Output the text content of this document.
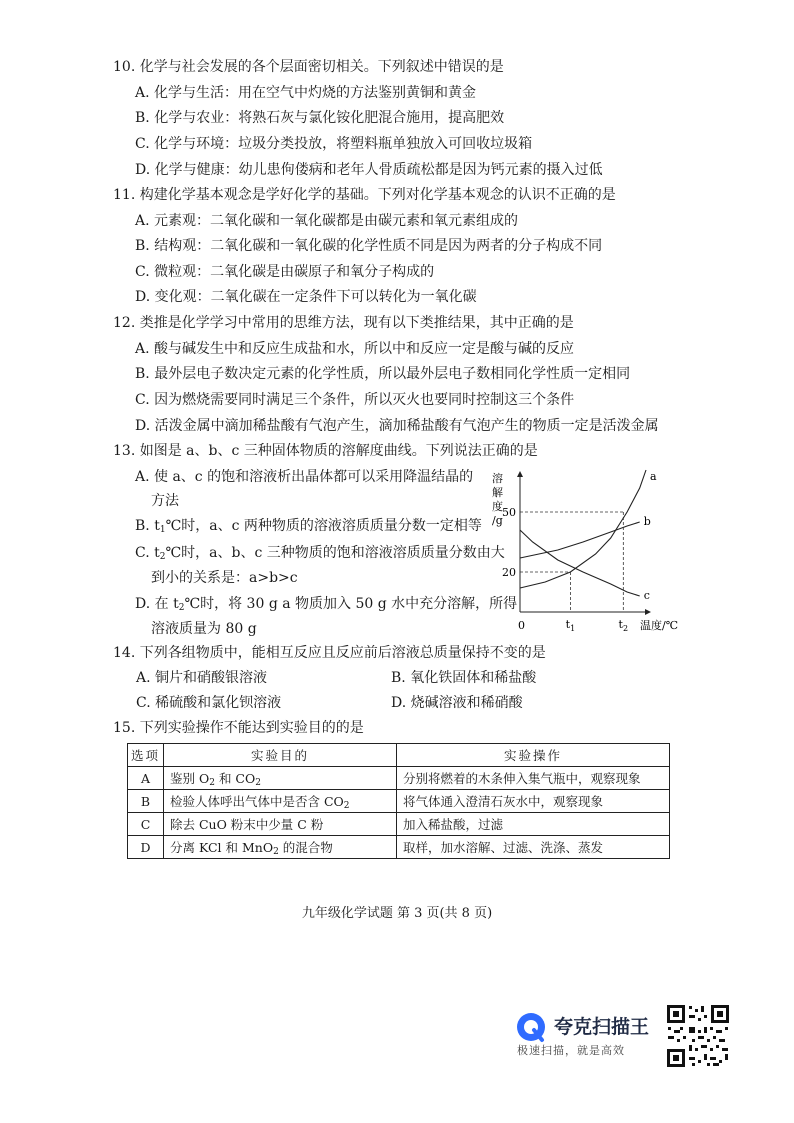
10. 化学与社会发展的各个层面密切相关。下列叙述中错误的是
A. 化学与生活：用在空气中灼烧的方法鉴别黄铜和黄金
B. 化学与农业：将熟石灰与氯化铵化肥混合施用，提高肥效
C. 化学与环境：垃圾分类投放，将塑料瓶单独放入可回收垃圾箱
D. 化学与健康：幼儿患佝偻病和老年人骨质疏松都是因为钙元素的摄入过低
11. 构建化学基本观念是学好化学的基础。下列对化学基本观念的认识不正确的是
A. 元素观：二氧化碳和一氧化碳都是由碳元素和氧元素组成的
B. 结构观：二氧化碳和一氧化碳的化学性质不同是因为两者的分子构成不同
C. 微粒观：二氧化碳是由碳原子和氧分子构成的
D. 变化观：二氧化碳在一定条件下可以转化为一氧化碳
12. 类推是化学学习中常用的思维方法，现有以下类推结果，其中正确的是
A. 酸与碱发生中和反应生成盐和水，所以中和反应一定是酸与碱的反应
B. 最外层电子数决定元素的化学性质，所以最外层电子数相同化学性质一定相同
C. 因为燃烧需要同时满足三个条件，所以灭火也要同时控制这三个条件
D. 活泼金属中滴加稀盐酸有气泡产生，滴加稀盐酸有气泡产生的物质一定是活泼金属
13. 如图是 a、b、c 三种固体物质的溶解度曲线。下列说法正确的是
A. 使 a、c 的饱和溶液析出晶体都可以采用降温结晶的
方法
B. $t_1℃$时，a、c 两种物质的溶液溶质质量分数一定相等
C. $t_2℃$时，a、b、c 三种物质的饱和溶液溶质质量分数由大
到小的关系是：a>b>c
D. 在 $t_2℃$时，将 30 g a 物质加入 50 g 水中充分溶解，所得
溶液质量为 80 g
溶
解
度
/g
0	温度/℃
20
50
$t_1$	$t_2$
a
b
c
14. 下列各组物质中，能相互反应且反应前后溶液总质量保持不变的是
A. 铜片和硝酸银溶液	B. 氧化铁固体和稀盐酸
C. 稀硫酸和氯化钡溶液	D. 烧碱溶液和稀硝酸
15. 下列实验操作不能达到实验目的的是
选项	实验目的	实验操作
A	鉴别 $O_2$ 和 $CO_2$	分别将燃着的木条伸入集气瓶中，观察现象
B	检验人体呼出气体中是否含 $CO_2$	将气体通入澄清石灰水中，观察现象
C	除去 CuO 粉末中少量 C 粉	加入稀盐酸，过滤
D	分离 KCl 和 MnO$_2$ 的混合物	取样，加水溶解、过滤、洗涤、蒸发
九年级化学试题 第 3 页(共 8 页)
夸克扫描王
极速扫描，就是高效
